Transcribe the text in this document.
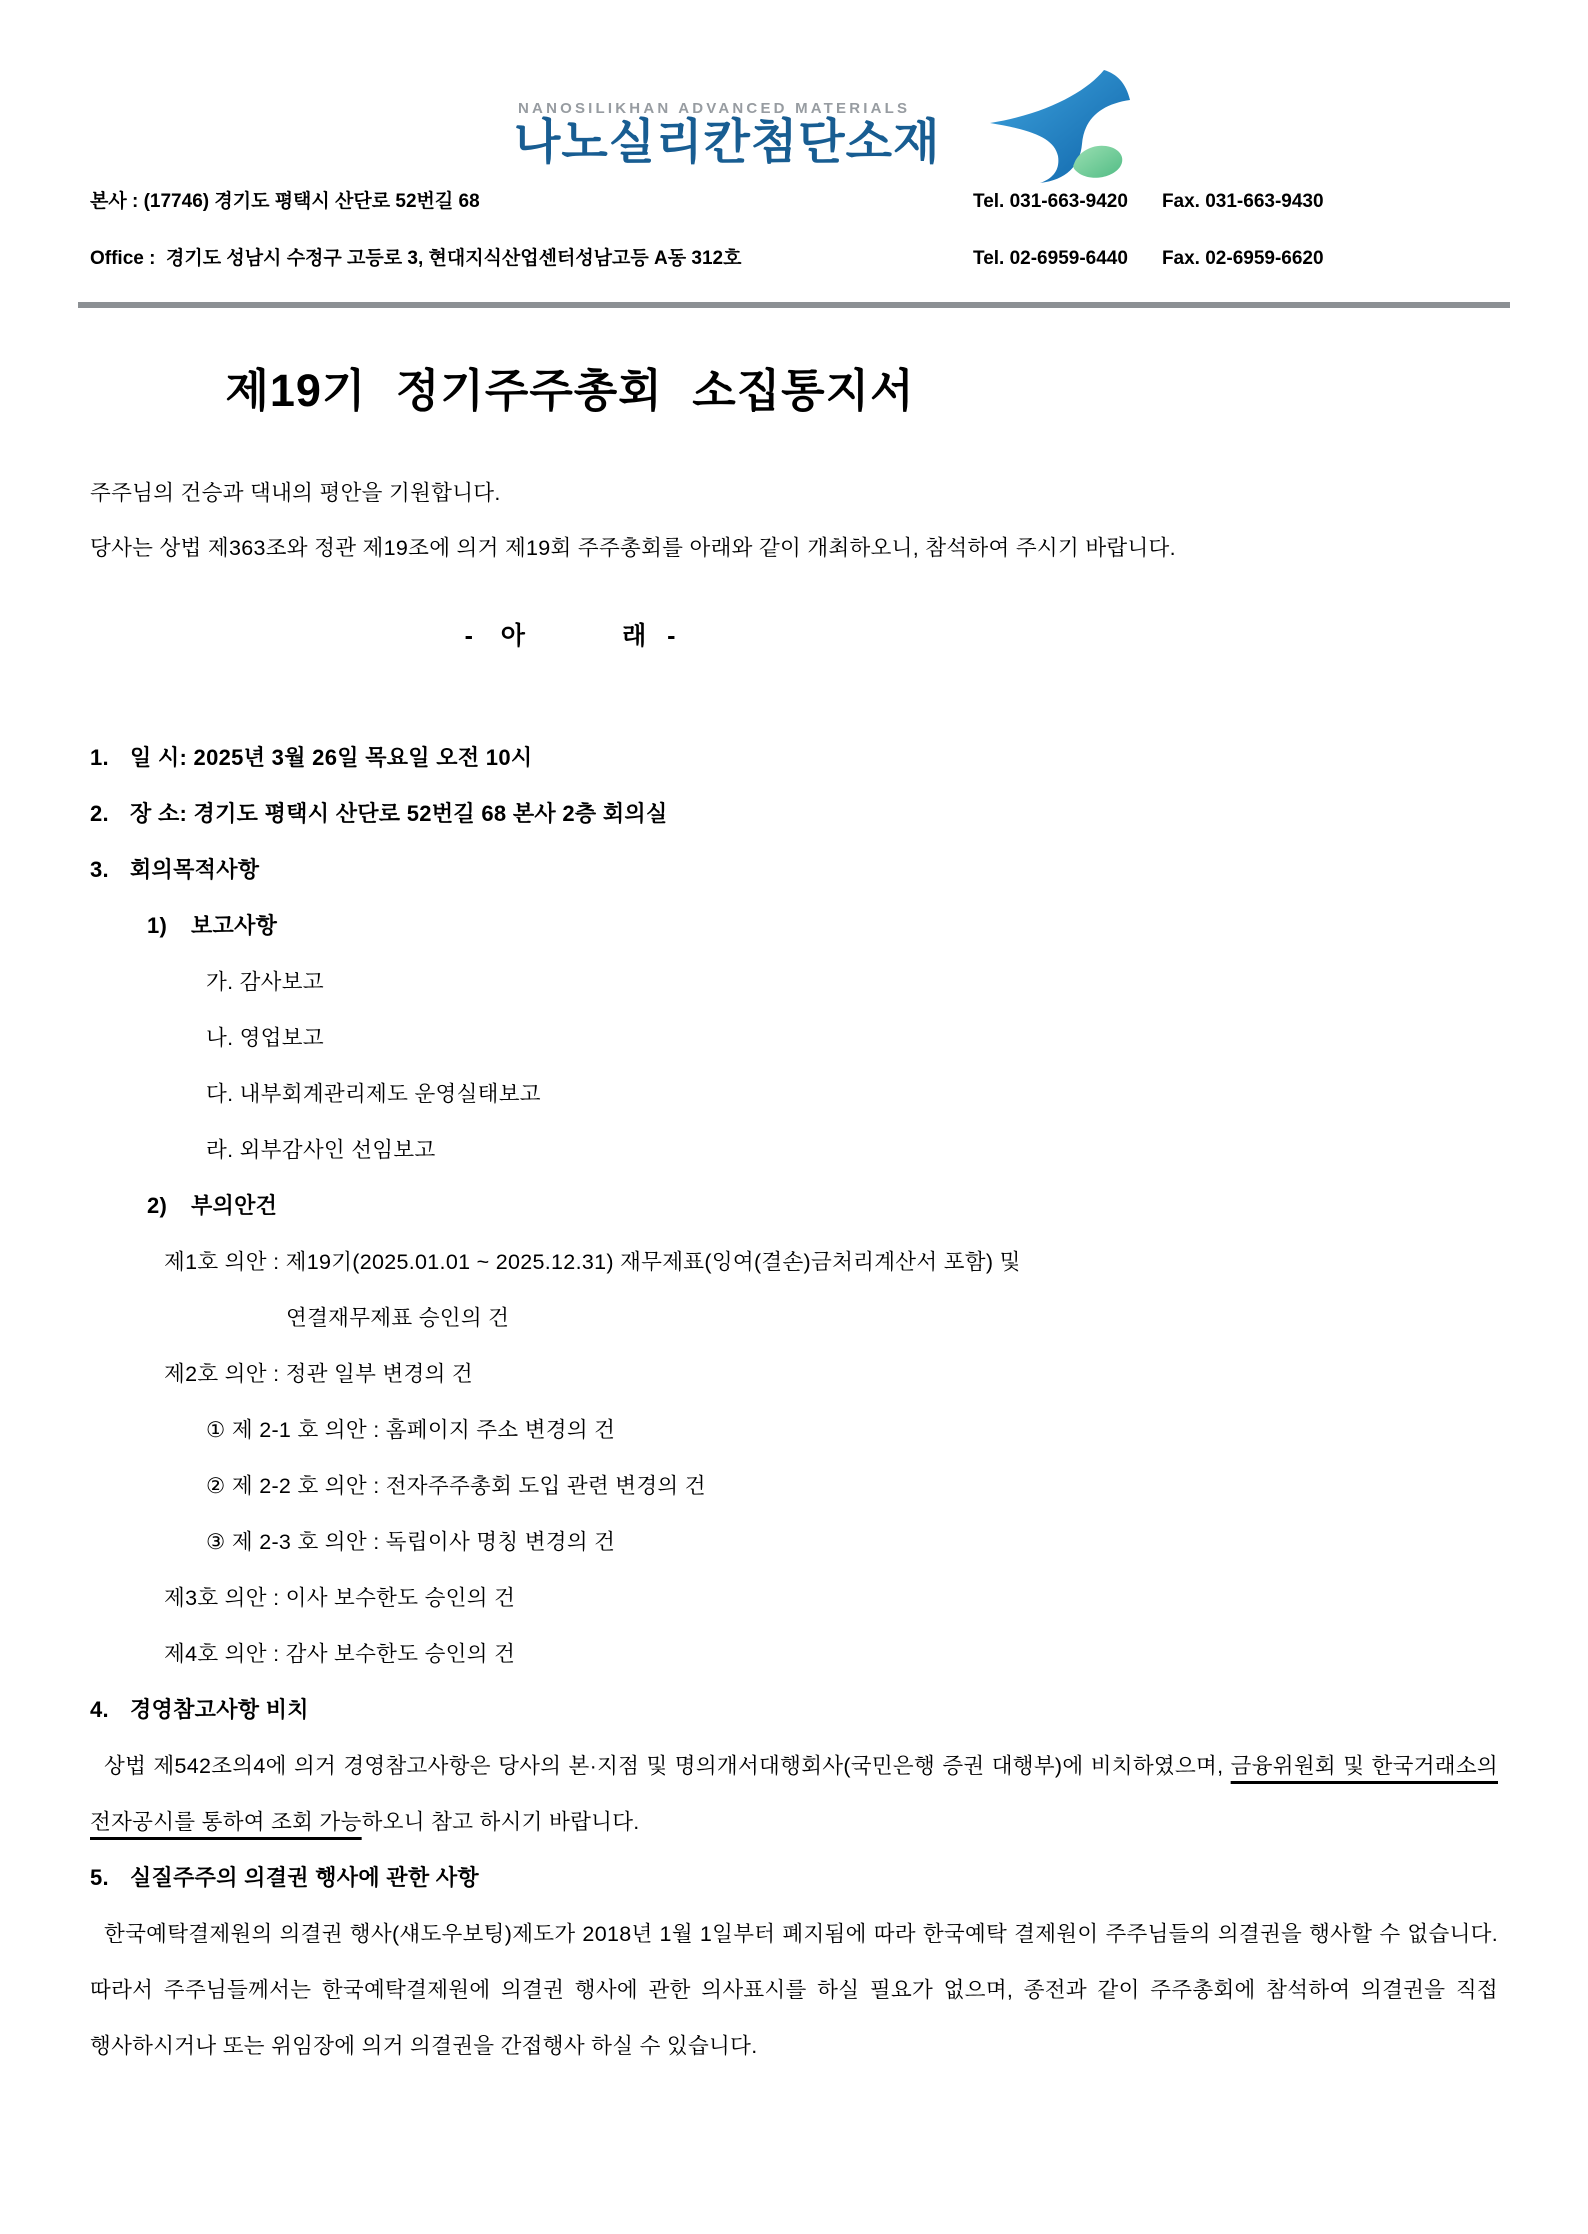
NANOSILIKHAN ADVANCED MATERIALS
나노실리칸첨단소재
본사 : (17746) 경기도 평택시 산단로 52번길 68	Tel. 031-663-9420 Fax. 031-663-9430
Office :  경기도 성남시 수정구 고등로 3, 현대지식산업센터성남고등 A동 312호	Tel. 02-6959-6440 Fax. 02-6959-6620
제19기 정기주주총회 소집통지서

주주님의 건승과 댁내의 평안을 기원합니다.

당사는 상법 제363조와 정관 제19조에 의거 제19회 주주총회를 아래와 같이 개최하오니, 참석하여 주시기 바랍니다.

-    아              래   -
1. 일 시: 2025년 3월 26일 목요일 오전 10시
2. 장 소: 경기도 평택시 산단로 52번길 68 본사 2층 회의실
3. 회의목적사항
1)	보고사항
가. 감사보고
나. 영업보고
다. 내부회계관리제도 운영실태보고
라. 외부감사인 선임보고
2)	부의안건
제1호 의안 : 제19기(2025.01.01 ~ 2025.12.31) 재무제표(잉여(결손)금처리계산서 포함) 및
연결재무제표 승인의 건
제2호 의안 : 정관 일부 변경의 건
① 제 2-1 호 의안 : 홈페이지 주소 변경의 건
② 제 2-2 호 의안 : 전자주주총회 도입 관련 변경의 건
③ 제 2-3 호 의안 : 독립이사 명칭 변경의 건
제3호 의안 : 이사 보수한도 승인의 건
제4호 의안 : 감사 보수한도 승인의 건
4. 경영참고사항 비치

상법 제542조의4에 의거 경영참고사항은 당사의 본·지점 및 명의개서대행회사(국민은행 증권 대행부)에 비치하였으며, 금융위원회 및 한국거래소의 전자공시를 통하여 조회 가능하오니 참고 하시기 바랍니다.

5. 실질주주의 의결권 행사에 관한 사항

한국예탁결제원의 의결권 행사(섀도우보팅)제도가 2018년 1월 1일부터 폐지됨에 따라 한국예탁 결제원이 주주님들의 의결권을 행사할 수 없습니다. 따라서 주주님들께서는 한국예탁결제원에 의결권 행사에 관한 의사표시를 하실 필요가 없으며, 종전과 같이 주주총회에 참석하여 의결권을 직접 행사하시거나 또는 위임장에 의거 의결권을 간접행사 하실 수 있습니다.
